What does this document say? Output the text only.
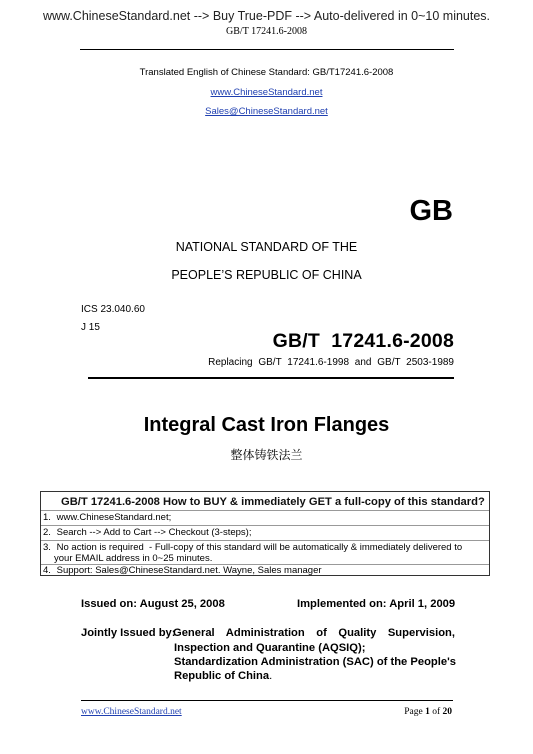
www.ChineseStandard.net --> Buy True-PDF --> Auto-delivered in 0~10 minutes.
GB/T 17241.6-2008
Translated English of Chinese Standard: GB/T17241.6-2008
www.ChineseStandard.net
Sales@ChineseStandard.net
GB
NATIONAL STANDARD OF THE
PEOPLE’S REPUBLIC OF CHINA
ICS 23.040.60
J 15
GB/T  17241.6-2008
Replacing GB/T 17241.6-1998 and GB/T 2503-1989
Integral Cast Iron Flanges
整体铸铁法兰
GB/T 17241.6-2008 How to BUY & immediately GET a full-copy of this standard?
1. www.ChineseStandard.net;
2. Search --> Add to Cart --> Checkout (3-steps);
3. No action is required  - Full-copy of this standard will be automatically & immediately delivered to
your EMAIL address in 0~25 minutes.
4. Support: Sales@ChineseStandard.net. Wayne, Sales manager
Issued on: August 25, 2008	Implemented on: April 1, 2009
Jointly Issued by:
General Administration of Quality Supervision,
Inspection and Quarantine (AQSIQ);
Standardization Administration (SAC) of the People's
Republic of China.
www.ChineseStandard.net	Page 1 of 20
